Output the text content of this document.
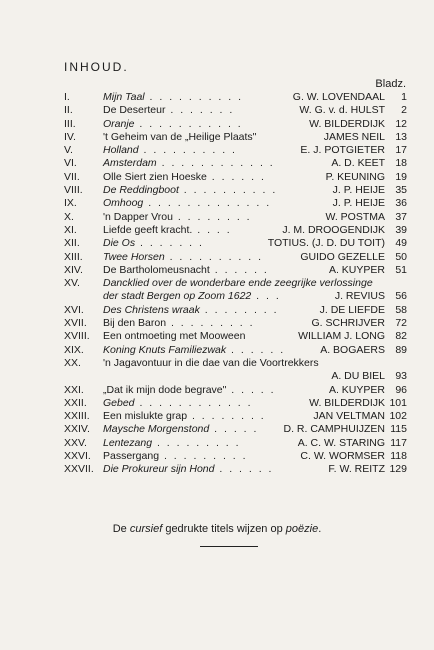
INHOUD.
Bladz.
I.	Mijn Taal . . . . . . . . . .	G. W. LOVENDAAL	1
II.	De Deserteur . . . . . . .	W. G. v. d. HULST	2
III.	Oranje . . . . . . . . . . .	W. BILDERDIJK 12
IV.	't Geheim van de „Heilige Plaats"	JAMES NEIL 13
V.	Holland . . . . . . . . . .	E. J. POTGIETER 17
VI.	Amsterdam . . . . . . . . . . . .	A. D. KEET 18
VII.	Olle Siert zien Hoeske . . . . . .	P. KEUNING 19
VIII.	De Reddingboot . . . . . . . . . .	J. P. HEIJE 35
IX.	Omhoog . . . . . . . . . . . . .	J. P. HEIJE 36
X.	'n Dapper Vrou . . . . . . . .	W. POSTMA 37
XI.	Liefde geeft kracht. . . . .	J. M. DROOGENDIJK 39
XII.	Die Os . . . . . . .	TOTIUS. (J. D. DU TOIT) 49
XIII.	Twee Horsen . . . . . . . . . .	GUIDO GEZELLE 50
XIV.	De Bartholomeusnacht . . . . . .	A. KUYPER 51
XV.	Dancklied over de wonderbare ende zeegrijke verlossinge
der stadt Bergen op Zoom 1622 . . .	J. REVIUS 56
XVI.	Des Christens wraak . . . . . . . .	J. DE LIEFDE 58
XVII.	Bij den Baron . . . . . . . . .	G. SCHRIJVER 72
XVIII.	Een ontmoeting met Mooween	WILLIAM J. LONG 82
XIX.	Koning Knuts Familiezwak . . . . . .	A. BOGAERS 89
XX.	'n Jagavontuur in die dae van die Voortrekkers
A. DU BIEL 93
XXI.	„Dat ik mijn dode begrave" . . . . .	A. KUYPER 96
XXII.	Gebed . . . . . . . . . . . .	W. BILDERDIJK 101
XXIII.	Een mislukte grap . . . . . . . .	JAN VELTMAN 102
XXIV.	Maysche Morgenstond . . . . . D. R. CAMPHUIJZEN 115
XXV.	Lentezang . . . . . . . . .	A. C. W. STARING 117
XXVI.	Passergang . . . . . . . . .	C. W. WORMSER 118
XXVII. Die Prokureur sijn Hond . . . . . .	F. W. REITZ 129
De cursief gedrukte titels wijzen op poëzie.
